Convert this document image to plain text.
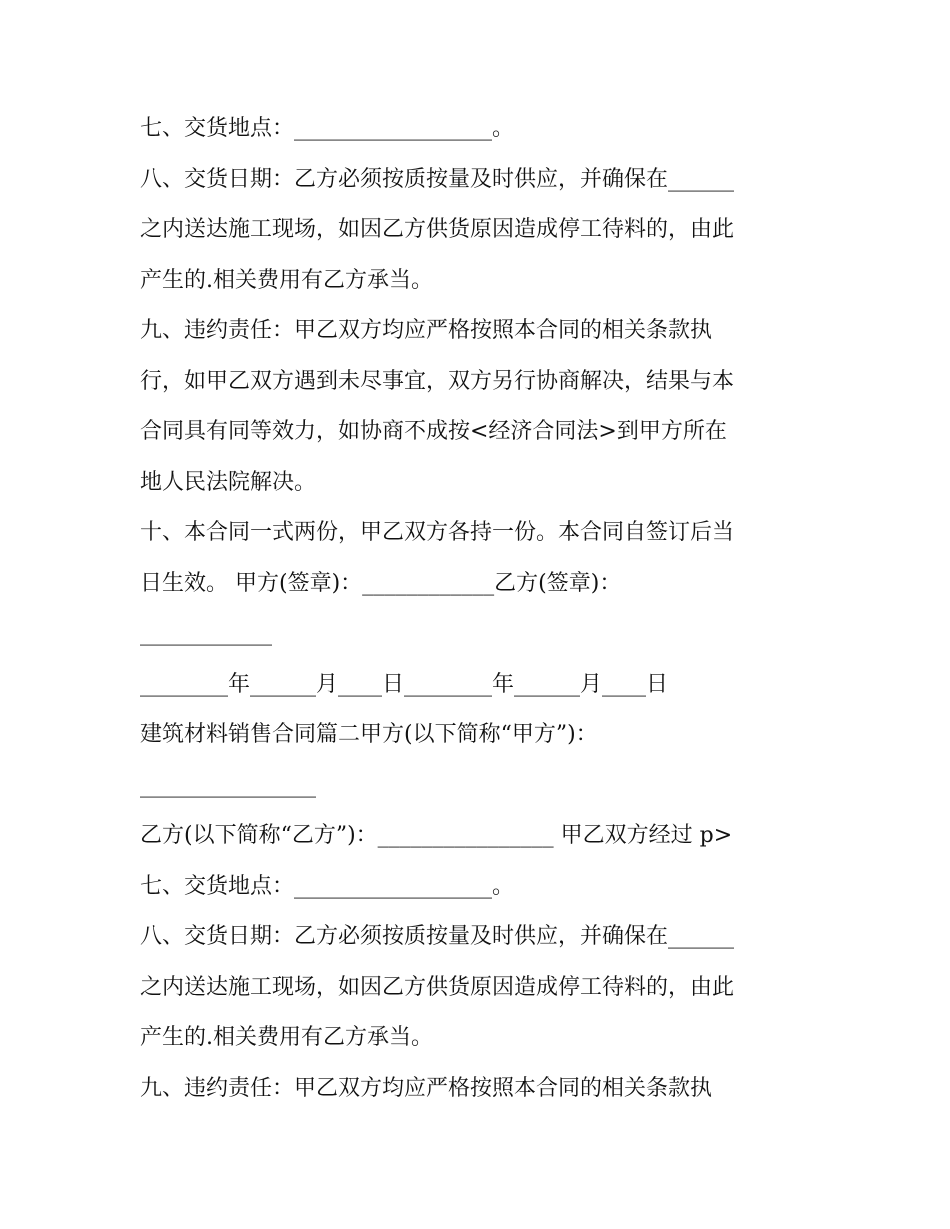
七、交货地点：__________________。
八、交货日期：乙方必须按质按量及时供应，并确保在______
之内送达施工现场，如因乙方供货原因造成停工待料的，由此
产生的.相关费用有乙方承当。
九、违约责任：甲乙双方均应严格按照本合同的相关条款执
行，如甲乙双方遇到未尽事宜，双方另行协商解决，结果与本
合同具有同等效力，如协商不成按<经济合同法>到甲方所在
地人民法院解决。
十、本合同一式两份，甲乙双方各持一份。本合同自签订后当
日生效。 甲方(签章)：____________乙方(签章)：
____________
________年______月____日________年______月____日
建筑材料销售合同篇二甲方(以下简称“甲方”)：
________________
乙方(以下简称“乙方”)：________________ 甲乙双方经过 p>
七、交货地点：__________________。
八、交货日期：乙方必须按质按量及时供应，并确保在______
之内送达施工现场，如因乙方供货原因造成停工待料的，由此
产生的.相关费用有乙方承当。
九、违约责任：甲乙双方均应严格按照本合同的相关条款执
